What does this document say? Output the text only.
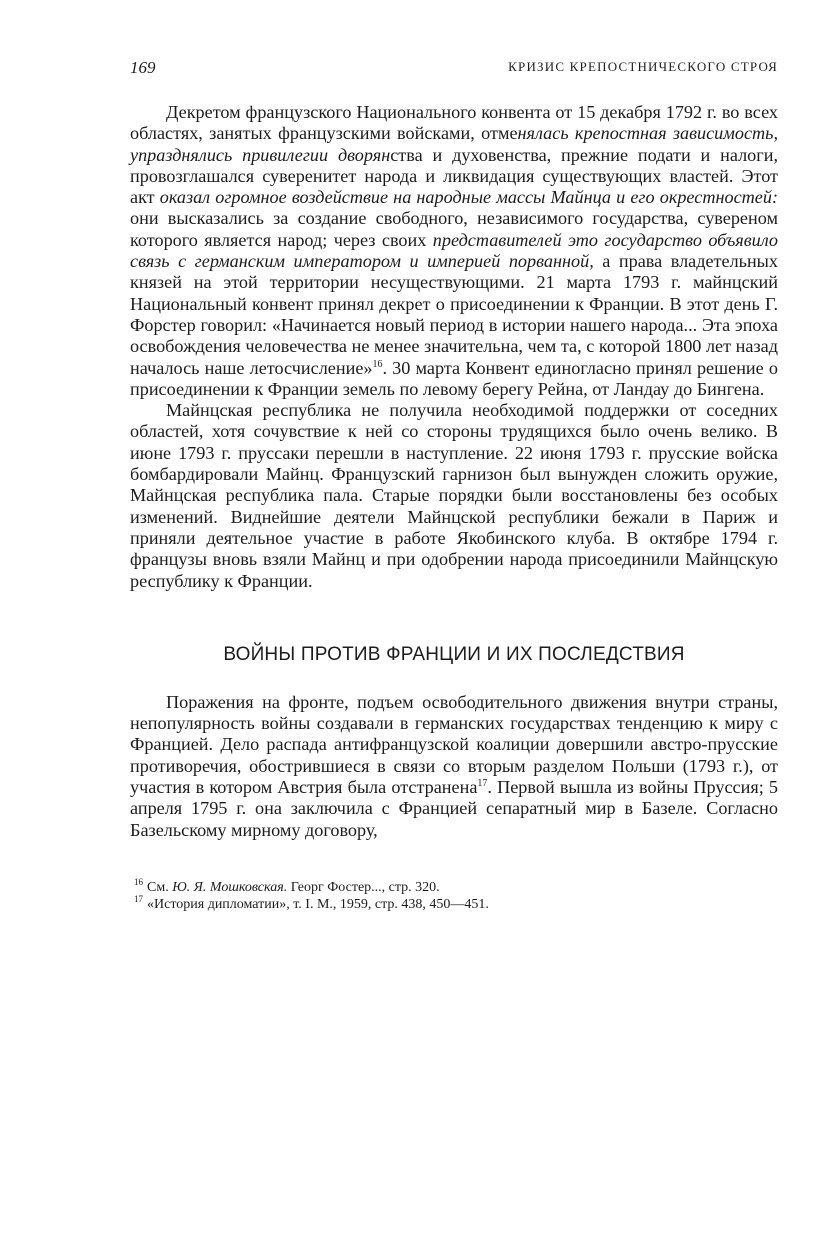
169	КРИЗИС КРЕПОСТНИЧЕСКОГО СТРОЯ

Декретом французского Национального конвента от 15 декабря 1792 г. во всех областях, занятых французскими войсками, отменялась крепостная зависимость, упразднялись привилегии дворянства и духовенства, прежние подати и налоги, провозглашался суверенитет народа и ликвидация существующих властей. Этот акт оказал огромное воздействие на народные массы Майнца и его окрестностей: они высказались за создание свободного, независимого государства, сувереном которого является народ; через своих представителей это государство объявило связь с германским императором и империей порванной, а права владетельных князей на этой территории несуществующими. 21 марта 1793 г. майнцский Национальный конвент принял декрет о присоединении к Франции. В этот день Г. Форстер говорил: «Начинается новый период в истории нашего народа... Эта эпоха освобождения человечества не менее значительна, чем та, с которой 1800 лет назад началось наше летосчисление»$^{16}$. 30 марта Конвент единогласно принял решение о присоединении к Франции земель по левому берегу Рейна, от Ландау до Бингена.

Майнцская республика не получила необходимой поддержки от соседних областей, хотя сочувствие к ней со стороны трудящихся было очень велико. В июне 1793 г. пруссаки перешли в наступление. 22 июня 1793 г. прусские войска бомбардировали Майнц. Французский гарнизон был вынужден сложить оружие, Майнцская республика пала. Старые порядки были восстановлены без особых изменений. Виднейшие деятели Майнцской республики бежали в Париж и приняли деятельное участие в работе Якобинского клуба. В октябре 1794 г. французы вновь взяли Майнц и при одобрении народа присоединили Майнцскую республику к Франции.

ВОЙНЫ ПРОТИВ ФРАНЦИИ И ИХ ПОСЛЕДСТВИЯ

Поражения на фронте, подъем освободительного движения внутри страны, непопулярность войны создавали в германских государствах тенденцию к миру с Францией. Дело распада антифранцузской коалиции довершили австро-прусские противоречия, обострившиеся в связи со вторым разделом Польши (1793 г.), от участия в котором Австрия была отстранена$^{17}$. Первой вышла из войны Пруссия; 5 апреля 1795 г. она заключила с Францией сепаратный мир в Базеле. Согласно Базельскому мирному договору,

$^{16}$ См. Ю. Я. Мошковская. Георг Фостер..., стр. 320.

$^{17}$ «История дипломатии», т. I. М., 1959, стр. 438, 450—451.
